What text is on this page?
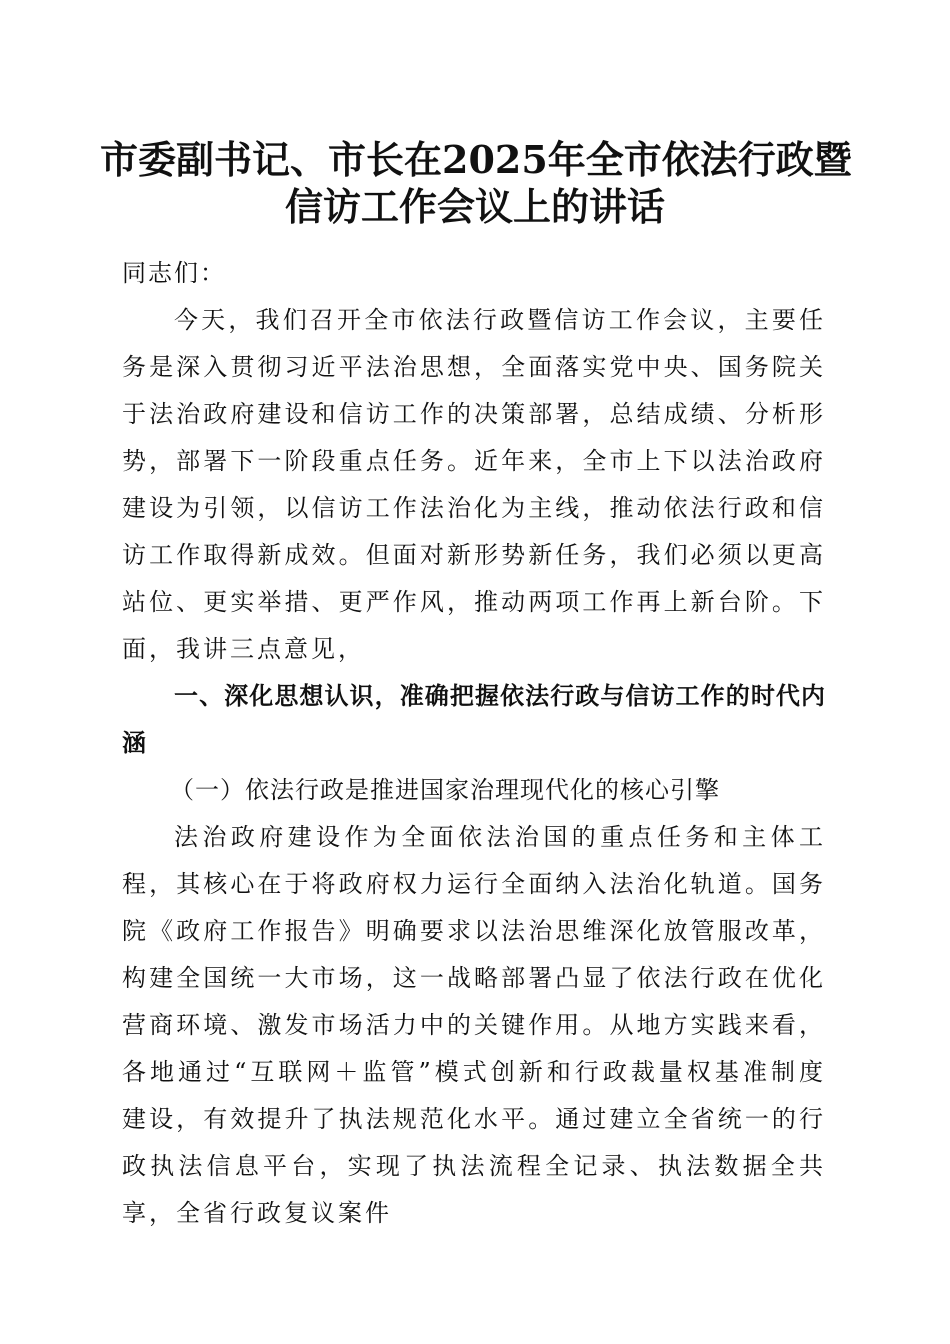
市委副书记、市长在2025年全市依法行政暨
信访工作会议上的讲话

同志们：

今天，我们召开全市依法行政暨信访工作会议，主要任务是深入贯彻习近平法治思想，全面落实党中央、国务院关于法治政府建设和信访工作的决策部署，总结成绩、分析形势，部署下一阶段重点任务。近年来，全市上下以法治政府建设为引领，以信访工作法治化为主线，推动依法行政和信访工作取得新成效。但面对新形势新任务，我们必须以更高站位、更实举措、更严作风，推动两项工作再上新台阶。下面，我讲三点意见，

一、深化思想认识，准确把握依法行政与信访工作的时代内涵

（一）依法行政是推进国家治理现代化的核心引擎

法治政府建设作为全面依法治国的重点任务和主体工程，其核心在于将政府权力运行全面纳入法治化轨道。国务院《政府工作报告》明确要求以法治思维深化放管服改革，构建全国统一大市场，这一战略部署凸显了依法行政在优化营商环境、激发市场活力中的关键作用。从地方实践来看，各地通过“互联网＋监管”模式创新和行政裁量权基准制度建设，有效提升了执法规范化水平。通过建立全省统一的行政执法信息平台，实现了执法流程全记录、执法数据全共享，全省行政复议案件
